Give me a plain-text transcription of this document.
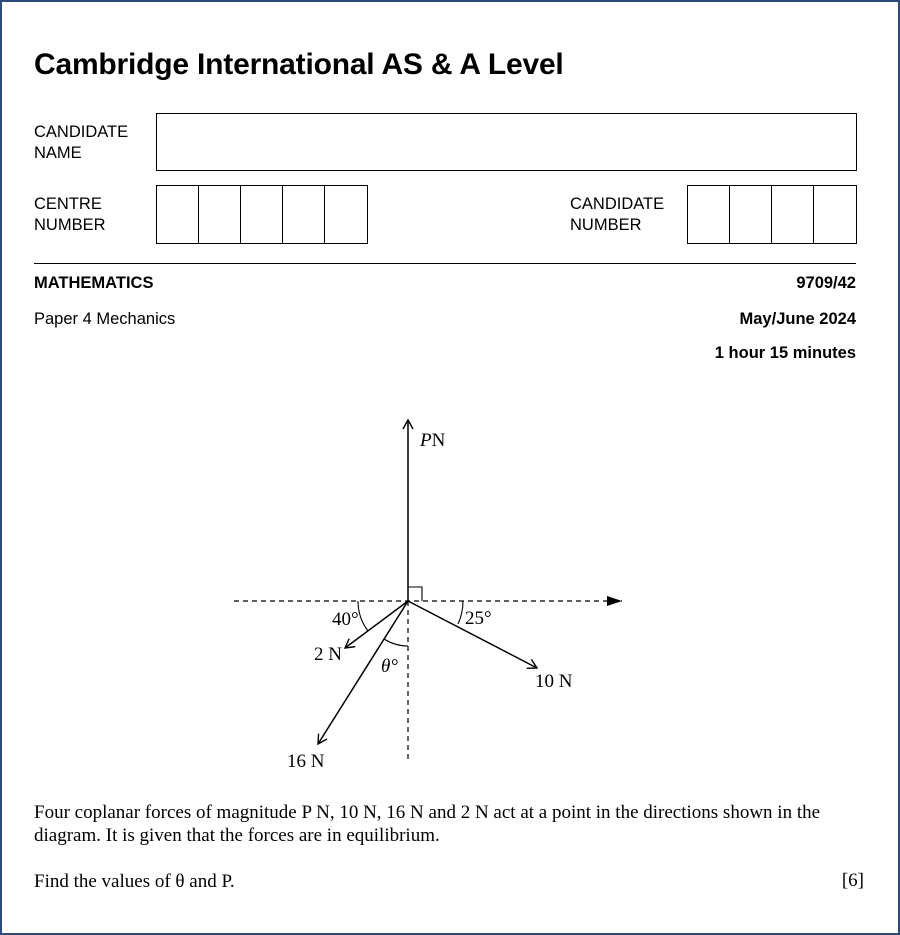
Cambridge International AS & A Level
CANDIDATE
NAME
CENTRE
NUMBER
CANDIDATE
NUMBER
MATHEMATICS	9709/42
Paper 4 Mechanics	May/June 2024
1 hour 15 minutes
PN
25°
40°
θ°
2 N
10 N
16 N
Four coplanar forces of magnitude P N, 10 N, 16 N and 2 N act at a point in the directions shown in the diagram. It is given that the forces are in equilibrium.
Find the values of θ and P.	[6]
